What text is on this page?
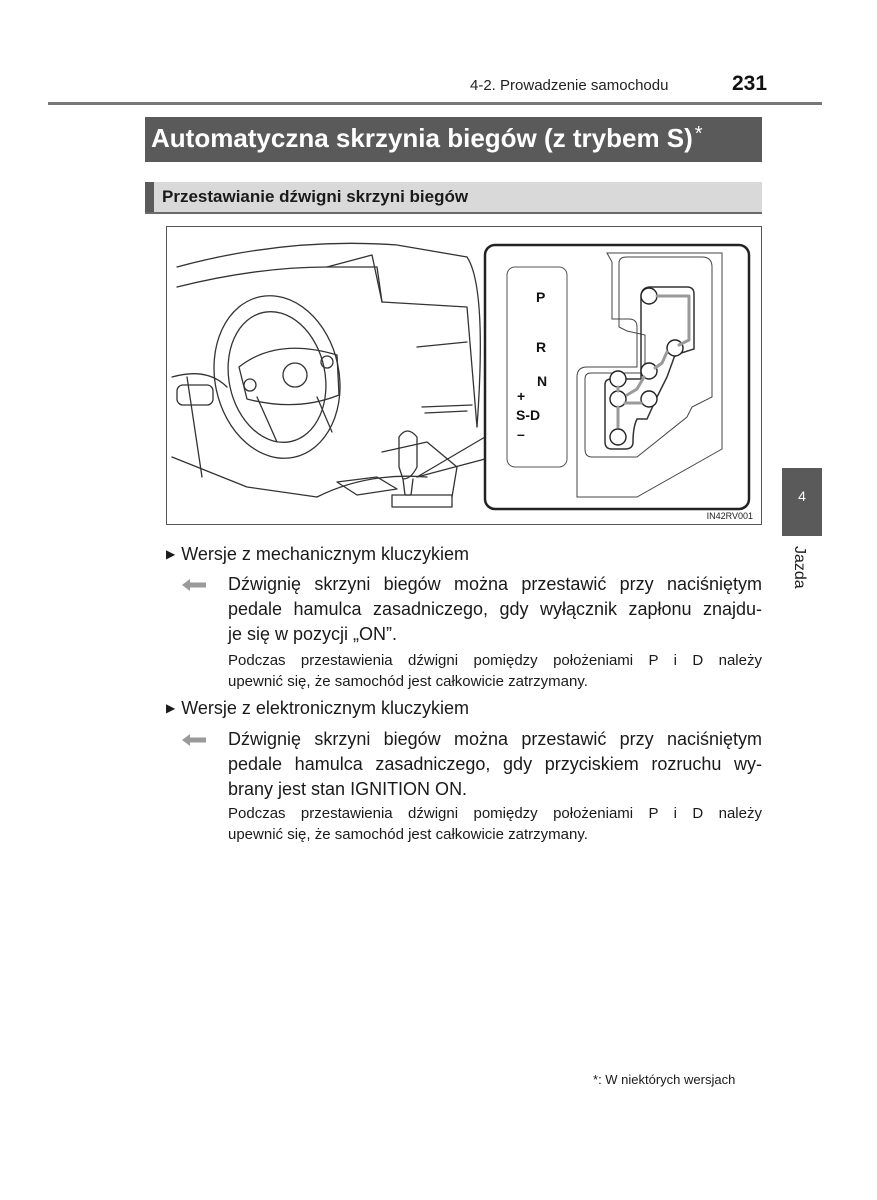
4-2. Prowadzenie samochodu	231
Automatyczna skrzynia biegów (z trybem S) *
Przestawianie dźwigni skrzyni biegów
P
R
N
+
S-D
–
IN42RV001
▶ Wersje z mechanicznym kluczykiem
Dźwignię skrzyni biegów można przestawić przy naciśniętym
pedale hamulca zasadniczego, gdy wyłącznik zapłonu znajdu-
je się w pozycji „ON”.
Podczas przestawienia dźwigni pomiędzy położeniami P i D należy
upewnić się, że samochód jest całkowicie zatrzymany.
▶ Wersje z elektronicznym kluczykiem
Dźwignię skrzyni biegów można przestawić przy naciśniętym
pedale hamulca zasadniczego, gdy przyciskiem rozruchu wy-
brany jest stan IGNITION ON.
Podczas przestawienia dźwigni pomiędzy położeniami P i D należy
upewnić się, że samochód jest całkowicie zatrzymany.
4
Jazda
*: W niektórych wersjach
